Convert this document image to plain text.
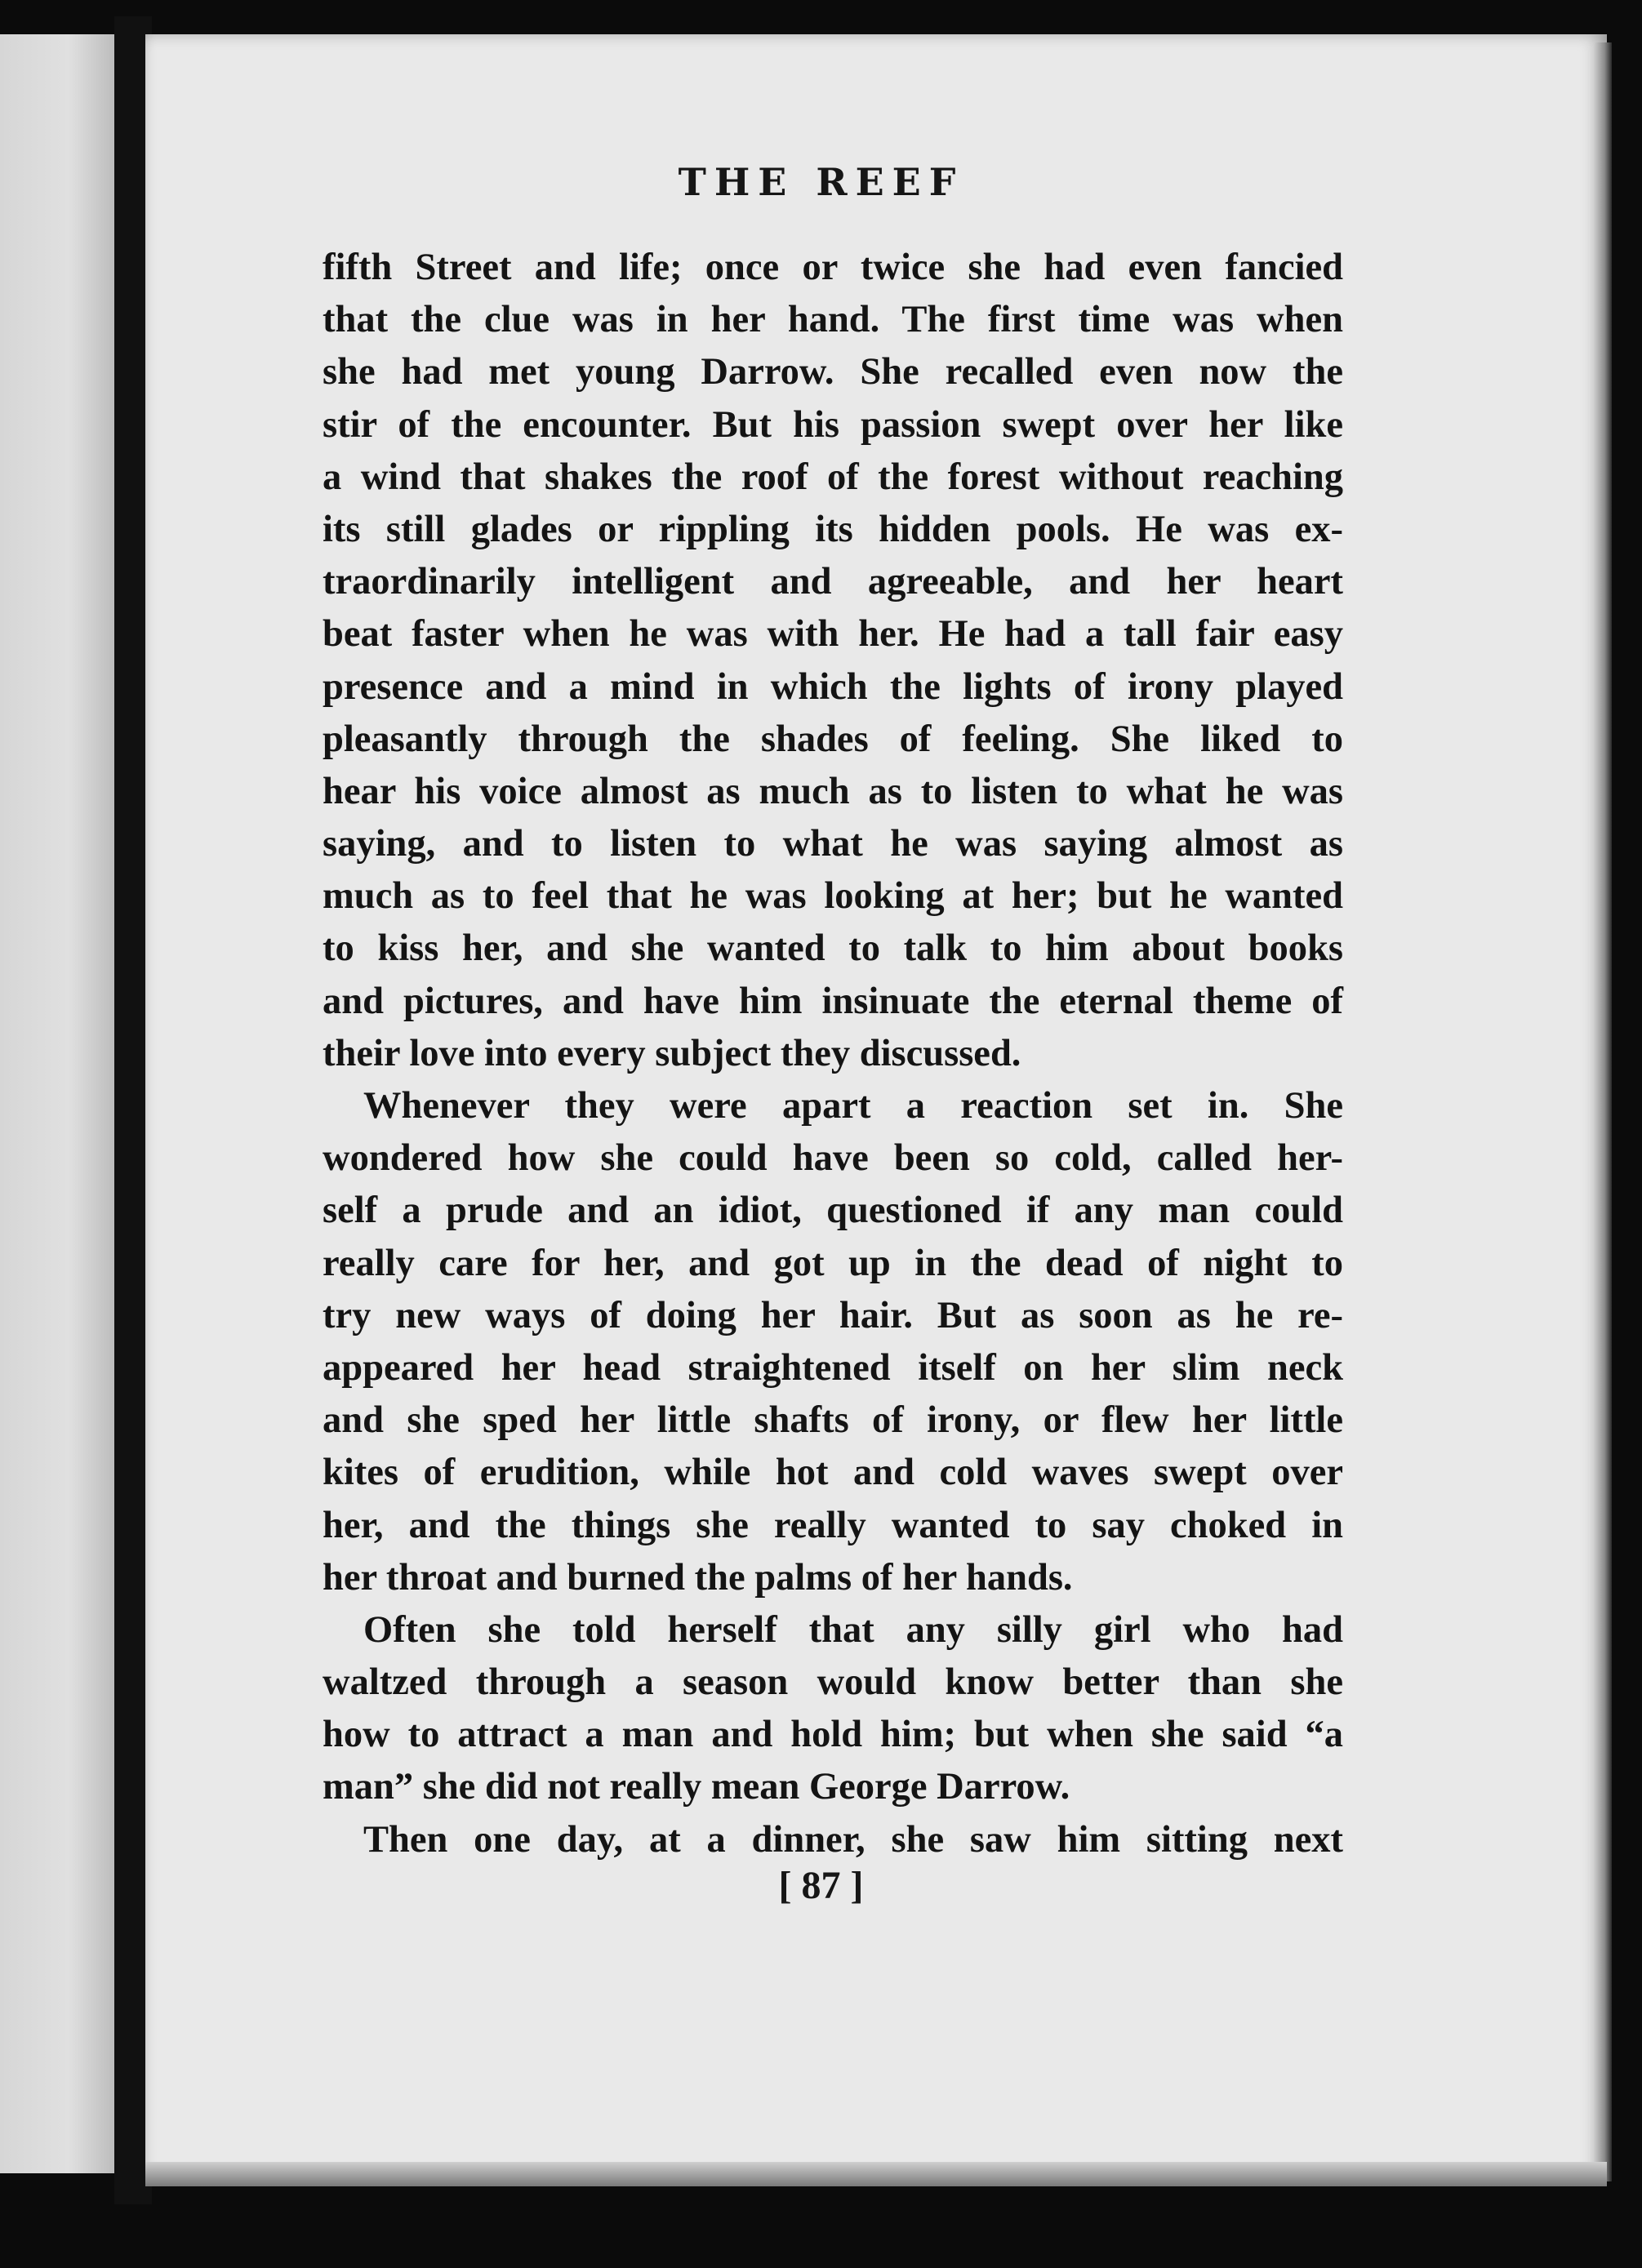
THE REEF
fifth Street and life; once or twice she had even fancied
that the clue was in her hand. The first time was when
she had met young Darrow. She recalled even now the
stir of the encounter. But his passion swept over her like
a wind that shakes the roof of the forest without reaching
its still glades or rippling its hidden pools. He was ex-
traordinarily intelligent and agreeable, and her heart
beat faster when he was with her. He had a tall fair easy
presence and a mind in which the lights of irony played
pleasantly through the shades of feeling. She liked to
hear his voice almost as much as to listen to what he was
saying, and to listen to what he was saying almost as
much as to feel that he was looking at her; but he wanted
to kiss her, and she wanted to talk to him about books
and pictures, and have him insinuate the eternal theme of
their love into every subject they discussed.
Whenever they were apart a reaction set in. She
wondered how she could have been so cold, called her-
self a prude and an idiot, questioned if any man could
really care for her, and got up in the dead of night to
try new ways of doing her hair. But as soon as he re-
appeared her head straightened itself on her slim neck
and she sped her little shafts of irony, or flew her little
kites of erudition, while hot and cold waves swept over
her, and the things she really wanted to say choked in
her throat and burned the palms of her hands.
Often she told herself that any silly girl who had
waltzed through a season would know better than she
how to attract a man and hold him; but when she said “a
man” she did not really mean George Darrow.
Then one day, at a dinner, she saw him sitting next
[ 87 ]
